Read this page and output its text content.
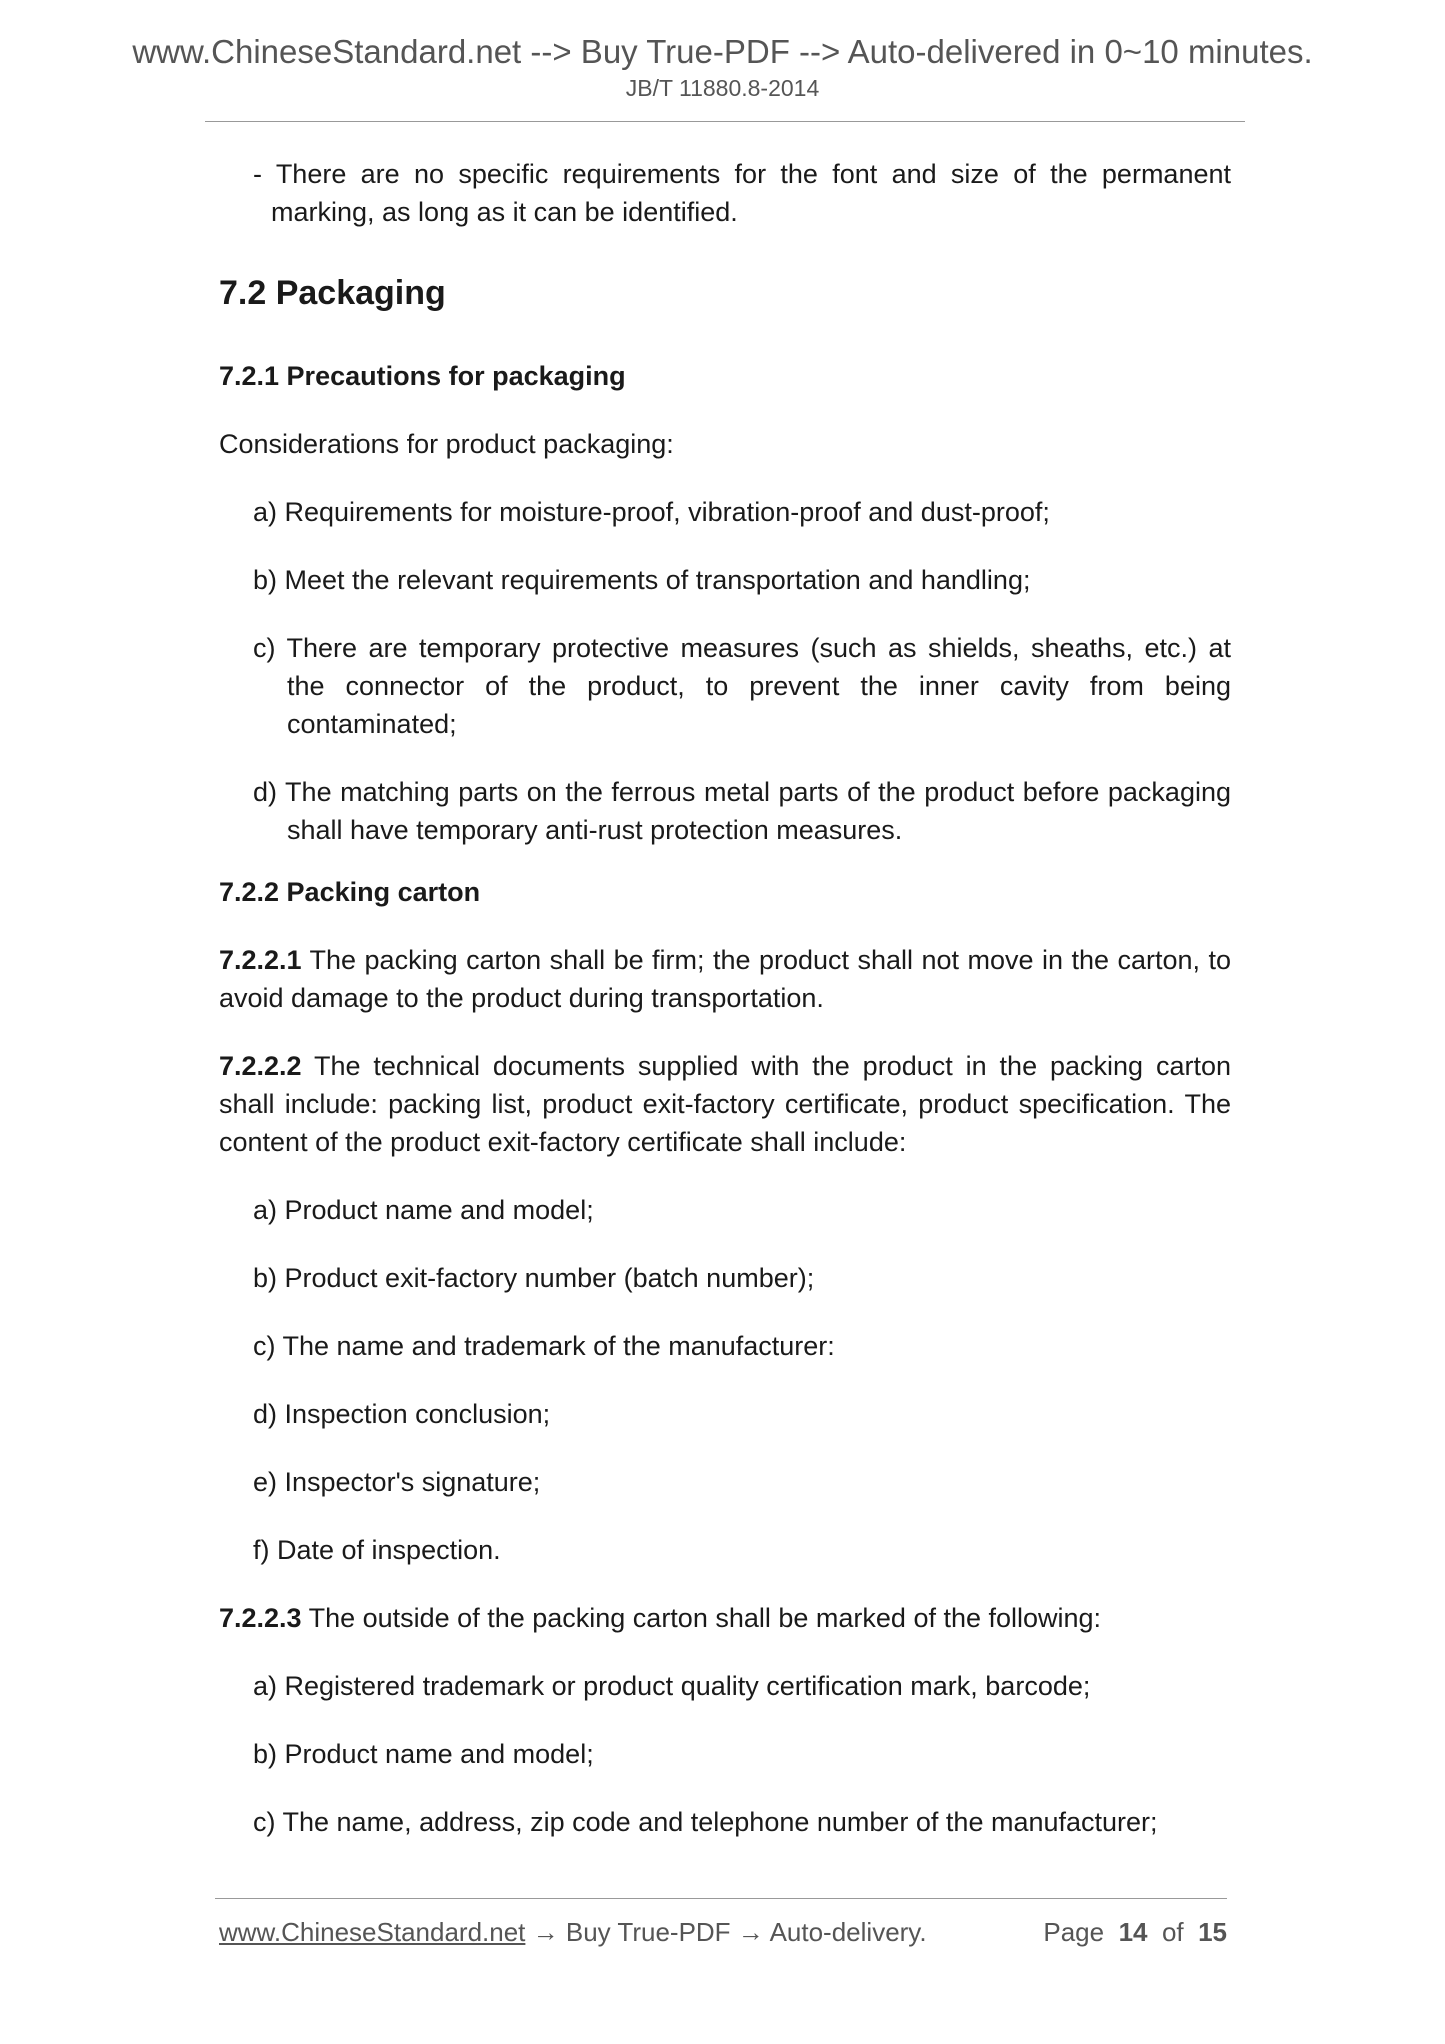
www.ChineseStandard.net --> Buy True-PDF --> Auto-delivered in 0~10 minutes.
JB/T 11880.8-2014

- There are no specific requirements for the font and size of the permanent marking, as long as it can be identified.

7.2 Packaging
7.2.1 Precautions for packaging

Considerations for product packaging:

a) Requirements for moisture-proof, vibration-proof and dust-proof;

b) Meet the relevant requirements of transportation and handling;

c) There are temporary protective measures (such as shields, sheaths, etc.) at the connector of the product, to prevent the inner cavity from being contaminated;

d) The matching parts on the ferrous metal parts of the product before packaging shall have temporary anti-rust protection measures.

7.2.2 Packing carton

7.2.2.1 The packing carton shall be firm; the product shall not move in the carton, to avoid damage to the product during transportation.

7.2.2.2 The technical documents supplied with the product in the packing carton shall include: packing list, product exit-factory certificate, product specification. The content of the product exit-factory certificate shall include:

a) Product name and model;

b) Product exit-factory number (batch number);

c) The name and trademark of the manufacturer:

d) Inspection conclusion;

e) Inspector's signature;

f) Date of inspection.

7.2.2.3 The outside of the packing carton shall be marked of the following:

a) Registered trademark or product quality certification mark, barcode;

b) Product name and model;

c) The name, address, zip code and telephone number of the manufacturer;

www.ChineseStandard.net → Buy True-PDF → Auto-delivery.	Page 14 of 15
